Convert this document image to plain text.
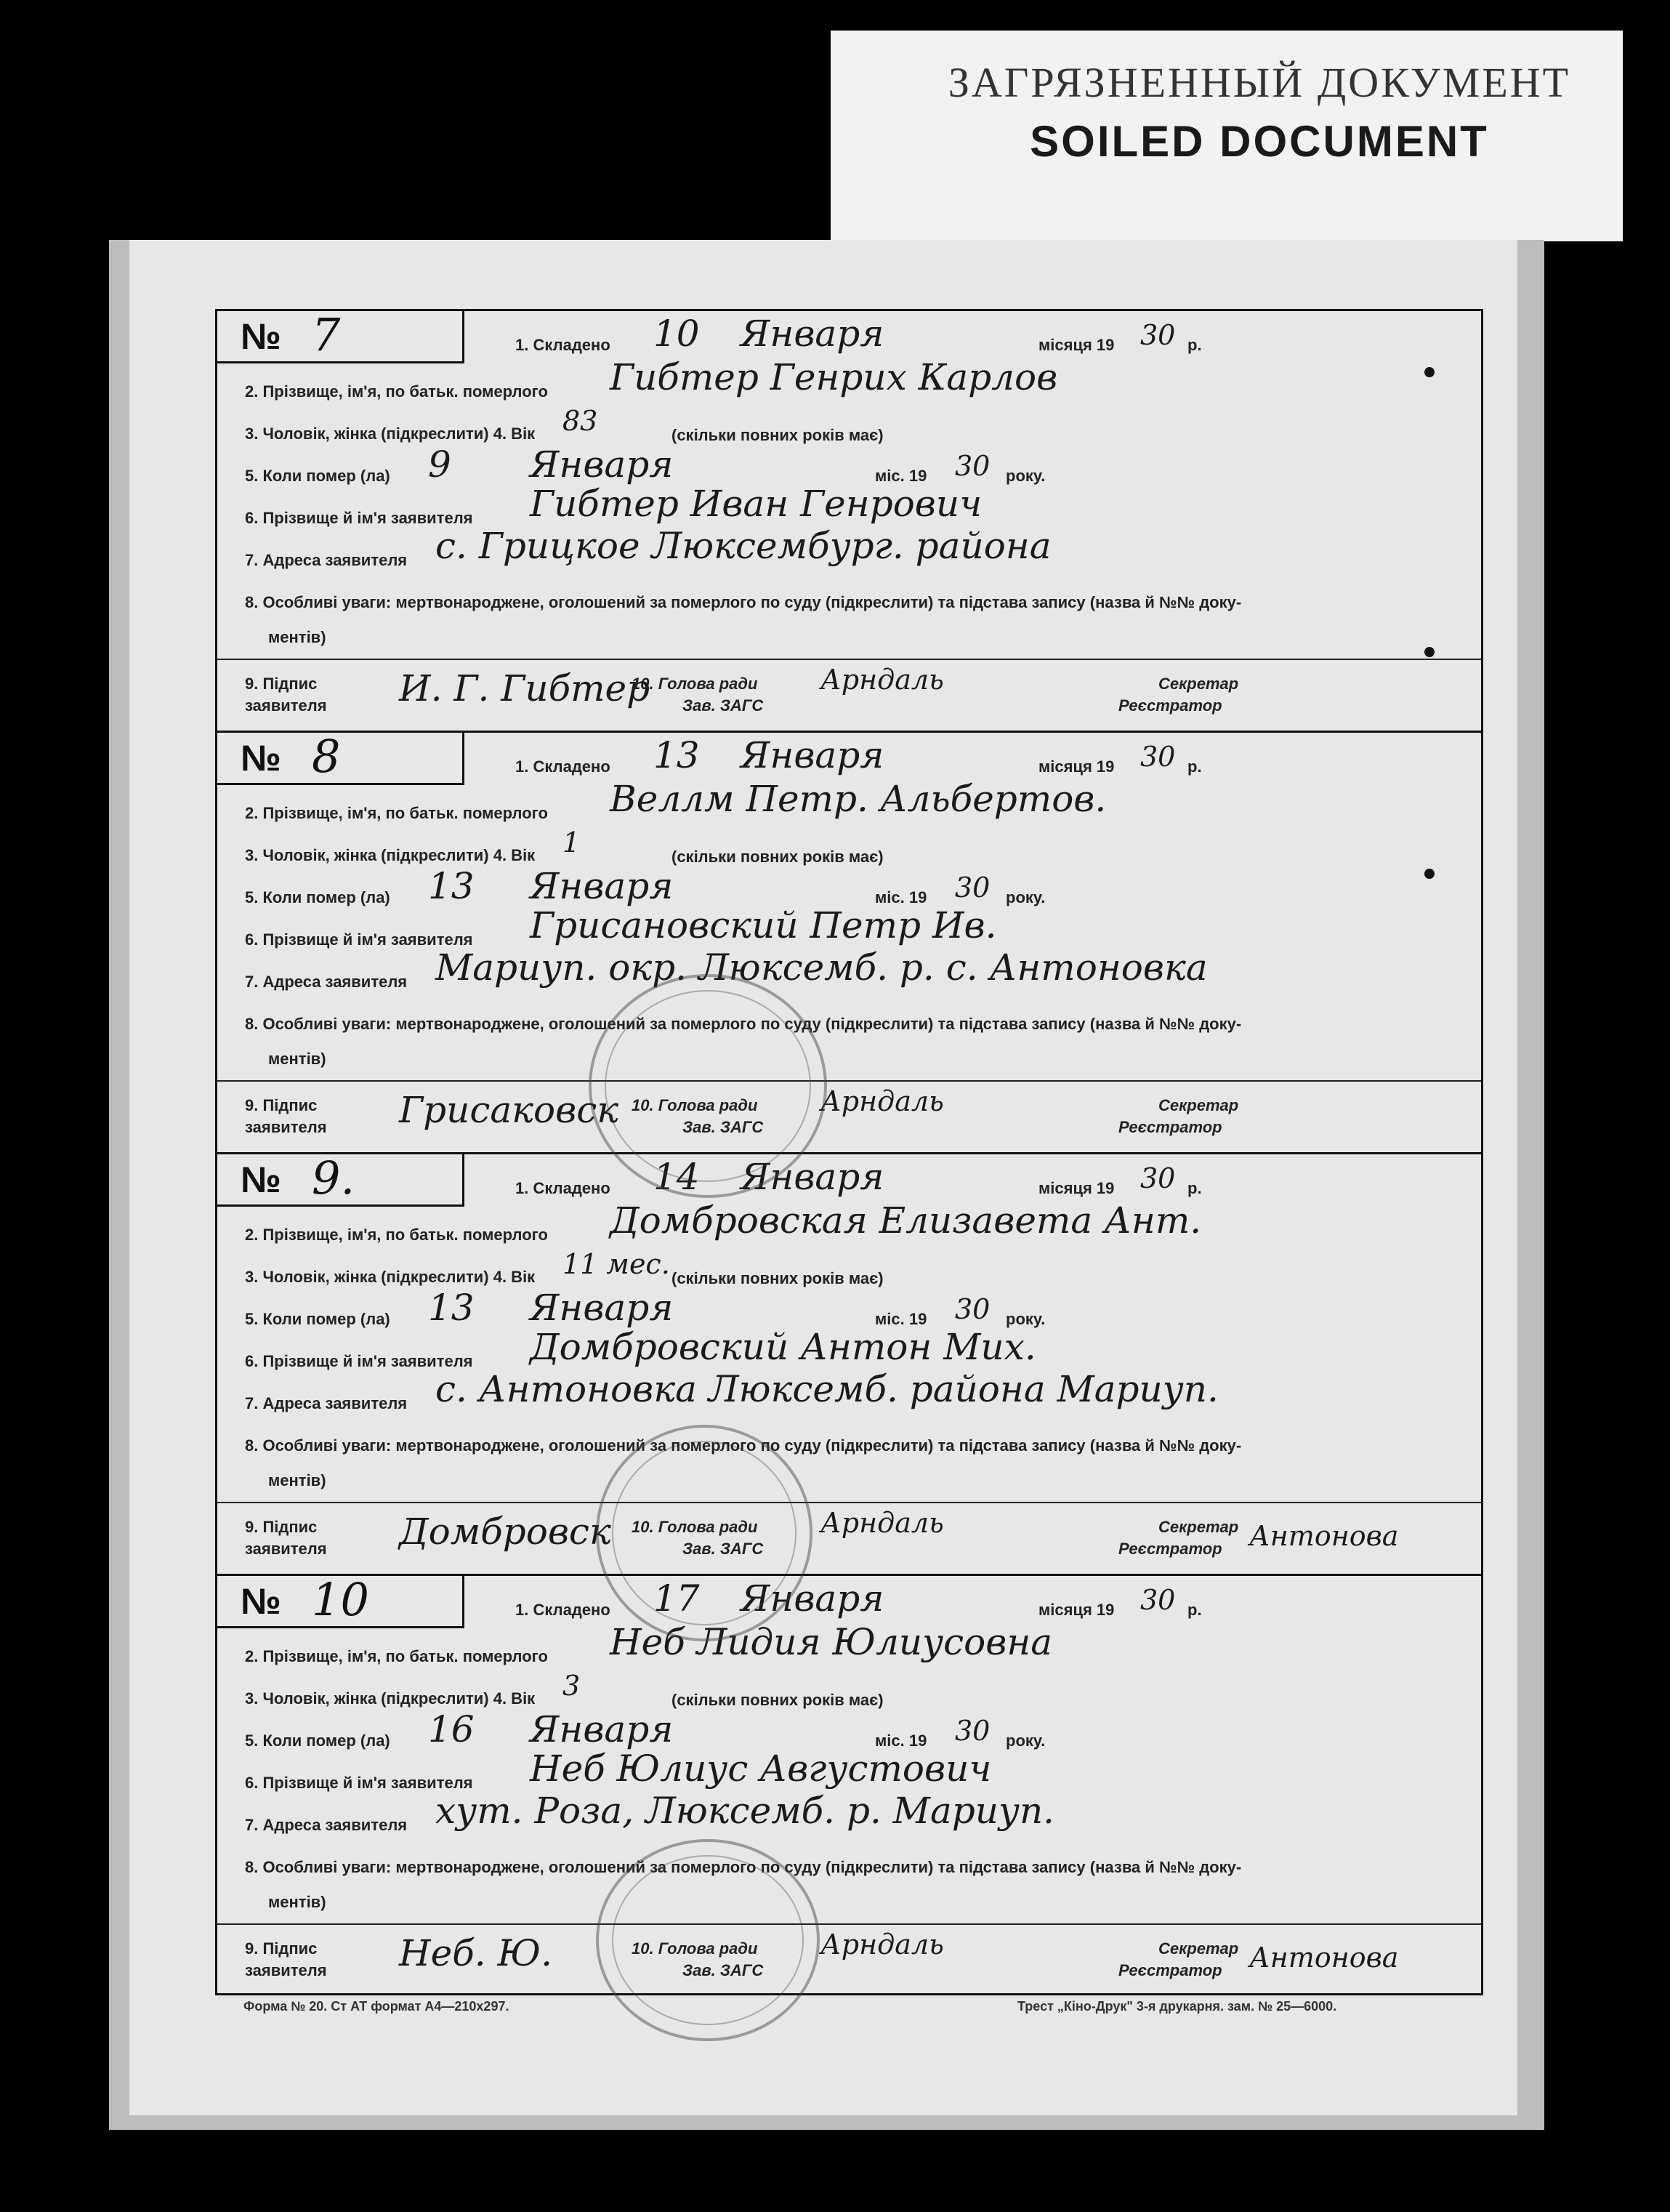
ЗАГРЯЗНЕННЫЙ ДОКУМЕНТ
SOILED DOCUMENT
№ 7	1. Складено 10 Января	місяця 19 30 р.
2. Прізвище, ім'я, по батьк. померлого Гибтер Генрих Карлов
3. Чоловік, жінка (підкреслити) 4. Вік 83	(скільки повних років має)
5. Коли помер (ла) 9 Января	міс. 19 30 року.
6. Прізвище й ім'я заявителя Гибтер Иван Генрович
7. Адреса заявителя с. Грицкое Люксембург. района
8. Особливі уваги: мертвонароджене, оголошений за померлого по суду (підкреслити) та підстава запису (назва й №№ доку-
ментів)
9. Підпис
заявителя И. Г. Гибтер
10. Голова ради
Зав. ЗАГС
Арндаль	Секретар
Реєстратор
№ 8	1. Складено 13 Января	місяця 19 30 р.
2. Прізвище, ім'я, по батьк. померлого Веллм Петр. Альбертов.
3. Чоловік, жінка (підкреслити) 4. Вік 1	(скільки повних років має)
5. Коли помер (ла) 13 Января	міс. 19 30 року.
6. Прізвище й ім'я заявителя Грисановский Петр Ив.
7. Адреса заявителя Мариуп. окр. Люксемб. р. с. Антоновка
8. Особливі уваги: мертвонароджене, оголошений за померлого по суду (підкреслити) та підстава запису (назва й №№ доку-
ментів)
9. Підпис
заявителя Грисаковск 10. Голова ради
Зав. ЗАГС
Арндаль	Секретар
Реєстратор
№ 9.	1. Складено 14 Января	місяця 19 30 р.
2. Прізвище, ім'я, по батьк. померлого Домбровская Елизавета Ант.
3. Чоловік, жінка (підкреслити) 4. Вік 11 мес. (скільки повних років має)
5. Коли помер (ла) 13 Января	міс. 19 30 року.
6. Прізвище й ім'я заявителя Домбровский Антон Мих.
7. Адреса заявителя с. Антоновка Люксемб. района Мариуп.
8. Особливі уваги: мертвонароджене, оголошений за померлого по суду (підкреслити) та підстава запису (назва й №№ доку-
ментів)
9. Підпис
заявителя Домбровск 10. Голова ради
Зав. ЗАГС
Арндаль	Секретар
Реєстратор Антонова
№ 10	1. Складено 17 Января	місяця 19 30 р.
2. Прізвище, ім'я, по батьк. померлого Неб Лидия Юлиусовна
3. Чоловік, жінка (підкреслити) 4. Вік 3	(скільки повних років має)
5. Коли помер (ла) 16 Января	міс. 19 30 року.
6. Прізвище й ім'я заявителя Неб Юлиус Августович
7. Адреса заявителя хут. Роза, Люксемб. р. Мариуп.
8. Особливі уваги: мертвонароджене, оголошений за померлого по суду (підкреслити) та підстава запису (назва й №№ доку-
ментів)
9. Підпис
заявителя Неб. Ю.	10. Голова ради
Зав. ЗАГС
Арндаль	Секретар
Реєстратор Антонова
Форма № 20. Ст АТ формат А4—210х297.	Трест „Кіно-Друк" 3-я друкарня. зам. № 25—6000.
